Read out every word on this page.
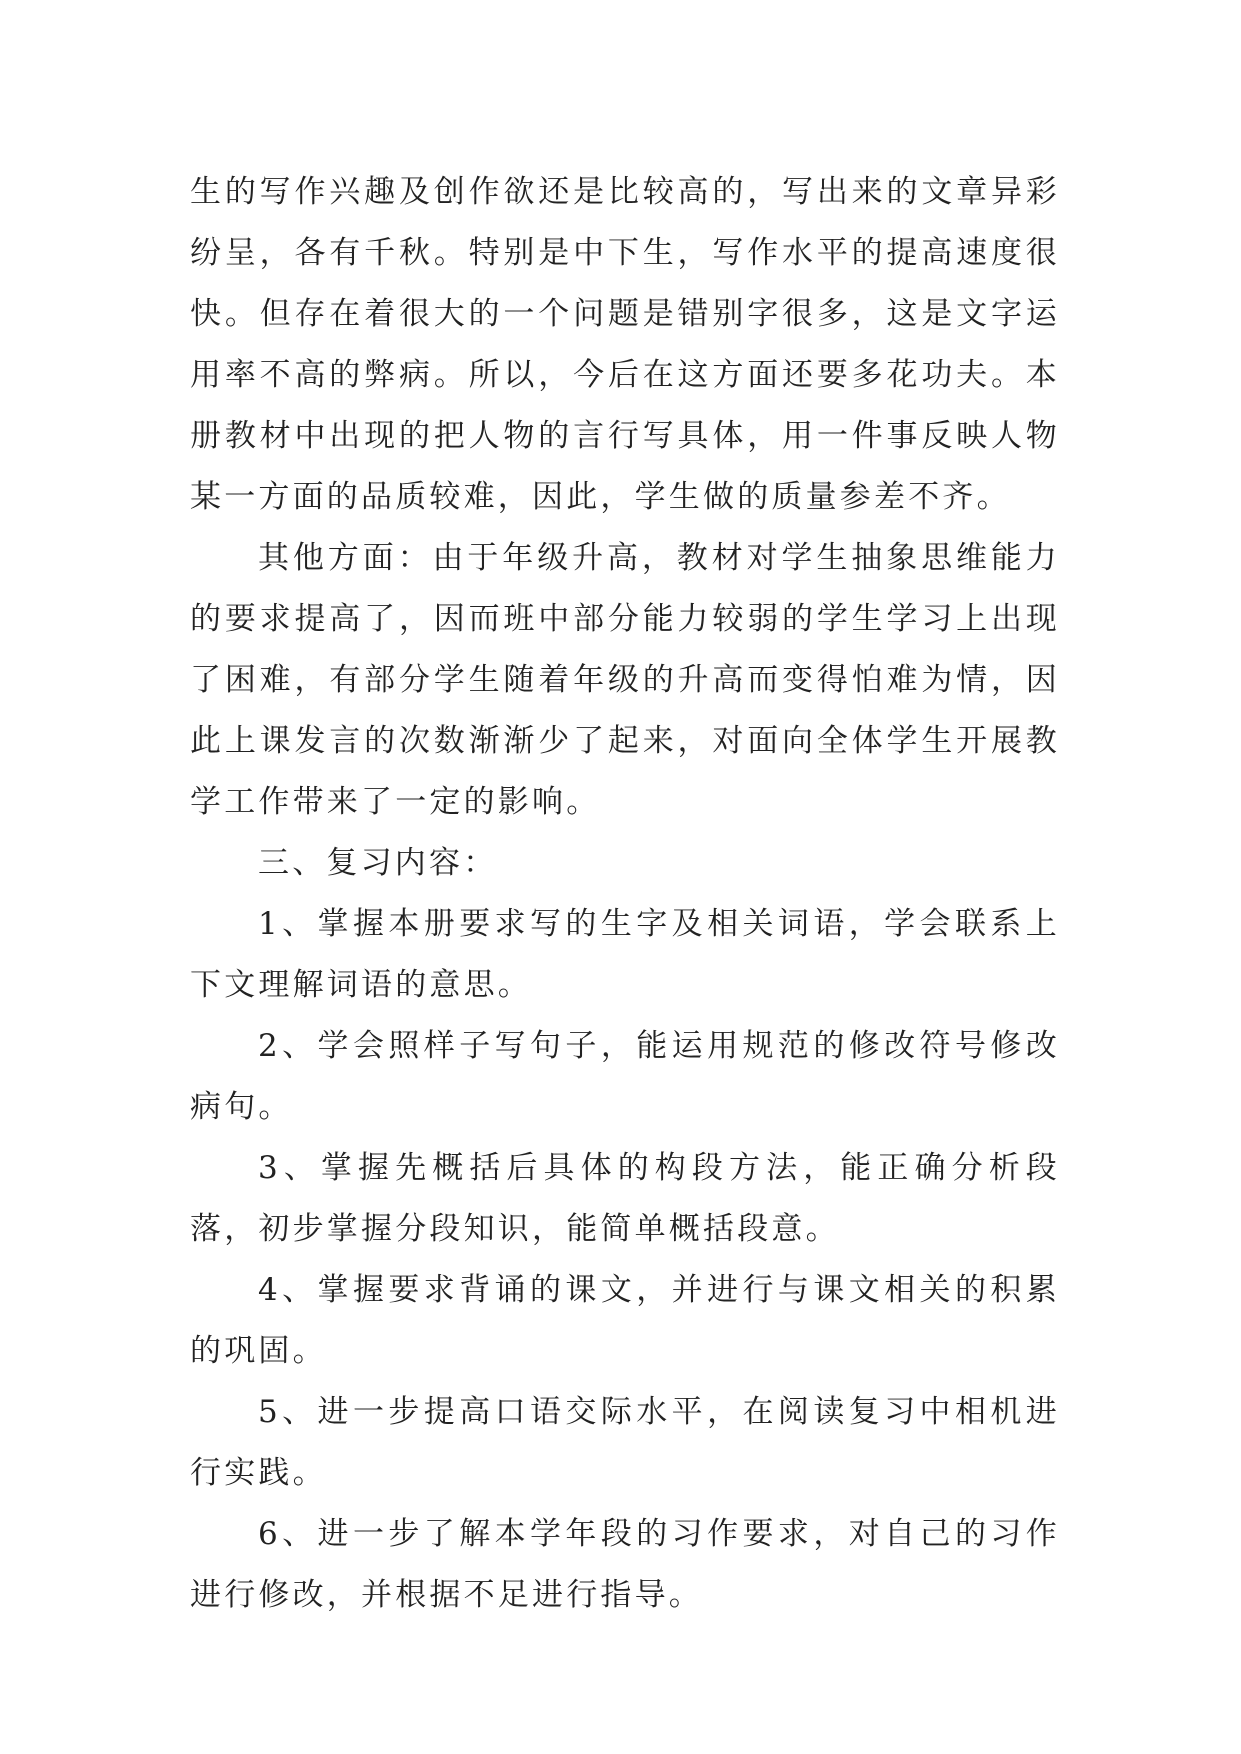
生的写作兴趣及创作欲还是比较高的，写出来的文章异彩纷呈，各有千秋。特别是中下生，写作水平的提高速度很快。但存在着很大的一个问题是错别字很多，这是文字运用率不高的弊病。所以，今后在这方面还要多花功夫。本册教材中出现的把人物的言行写具体，用一件事反映人物某一方面的品质较难，因此，学生做的质量参差不齐。

其他方面：由于年级升高，教材对学生抽象思维能力的要求提高了，因而班中部分能力较弱的学生学习上出现了困难，有部分学生随着年级的升高而变得怕难为情，因此上课发言的次数渐渐少了起来，对面向全体学生开展教学工作带来了一定的影响。

三、复习内容：

1、掌握本册要求写的生字及相关词语，学会联系上下文理解词语的意思。

2、学会照样子写句子，能运用规范的修改符号修改病句。

3、掌握先概括后具体的构段方法，能正确分析段落，初步掌握分段知识，能简单概括段意。

4、掌握要求背诵的课文，并进行与课文相关的积累的巩固。

5、进一步提高口语交际水平，在阅读复习中相机进行实践。

6、进一步了解本学年段的习作要求，对自己的习作进行修改，并根据不足进行指导。
